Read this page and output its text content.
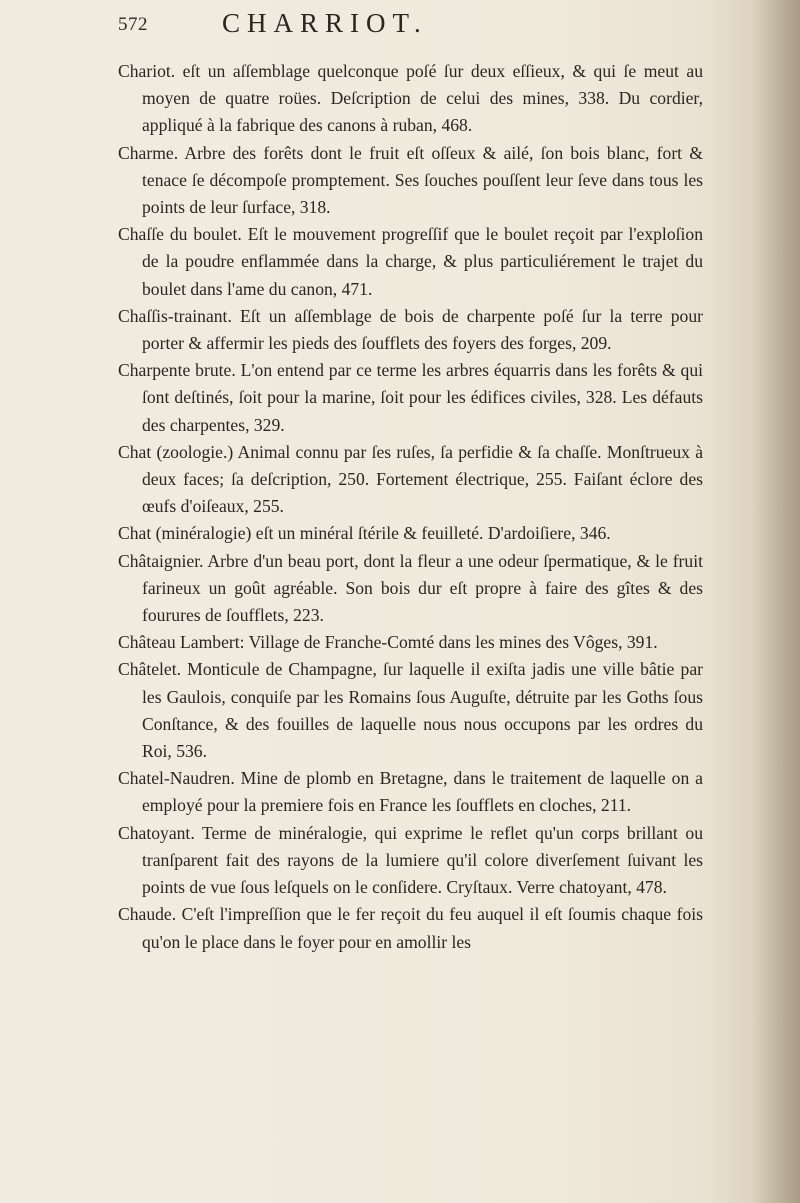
572	CHARRIOT.

Chariot. eſt un aſſemblage quelconque poſé ſur deux eſſieux, & qui ſe meut au moyen de quatre roües. Deſcription de celui des mines, 338. Du cordier, appliqué à la fabrique des canons à ruban, 468.

Charme. Arbre des forêts dont le fruit eſt oſſeux & ailé, ſon bois blanc, fort & tenace ſe décompoſe promptement. Ses ſouches pouſſent leur ſeve dans tous les points de leur ſurface, 318.

Chaſſe du boulet. Eſt le mouvement progreſſif que le boulet reçoit par l'exploſion de la poudre enflammée dans la charge, & plus particuliérement le trajet du boulet dans l'ame du canon, 471.

Chaſſis-trainant. Eſt un aſſemblage de bois de charpente poſé ſur la terre pour porter & affermir les pieds des ſoufflets des foyers des forges, 209.

Charpente brute. L'on entend par ce terme les arbres équarris dans les forêts & qui ſont deſtinés, ſoit pour la marine, ſoit pour les édifices civiles, 328. Les défauts des charpentes, 329.

Chat (zoologie.) Animal connu par ſes ruſes, ſa perfidie & ſa chaſſe. Monſtrueux à deux faces; ſa deſcription, 250. Fortement électrique, 255. Faiſant éclore des œufs d'oiſeaux, 255.

Chat (minéralogie) eſt un minéral ſtérile & feuilleté. D'ardoiſiere, 346.

Châtaignier. Arbre d'un beau port, dont la fleur a une odeur ſpermatique, & le fruit farineux un goût agréable. Son bois dur eſt propre à faire des gîtes & des fourures de ſoufflets, 223.

Château Lambert: Village de Franche-Comté dans les mines des Vôges, 391.

Châtelet. Monticule de Champagne, ſur laquelle il exiſta jadis une ville bâtie par les Gaulois, conquiſe par les Romains ſous Auguſte, détruite par les Goths ſous Conſtance, & des fouilles de laquelle nous nous occupons par les ordres du Roi, 536.

Chatel-Naudren. Mine de plomb en Bretagne, dans le traitement de laquelle on a employé pour la premiere fois en France les ſoufflets en cloches, 211.

Chatoyant. Terme de minéralogie, qui exprime le reflet qu'un corps brillant ou tranſparent fait des rayons de la lumiere qu'il colore diverſement ſuivant les points de vue ſous leſquels on le conſidere. Cryſtaux. Verre chatoyant, 478.

Chaude. C'eſt l'impreſſion que le fer reçoit du feu auquel il eſt ſoumis chaque fois qu'on le place dans le foyer pour en amollir les
